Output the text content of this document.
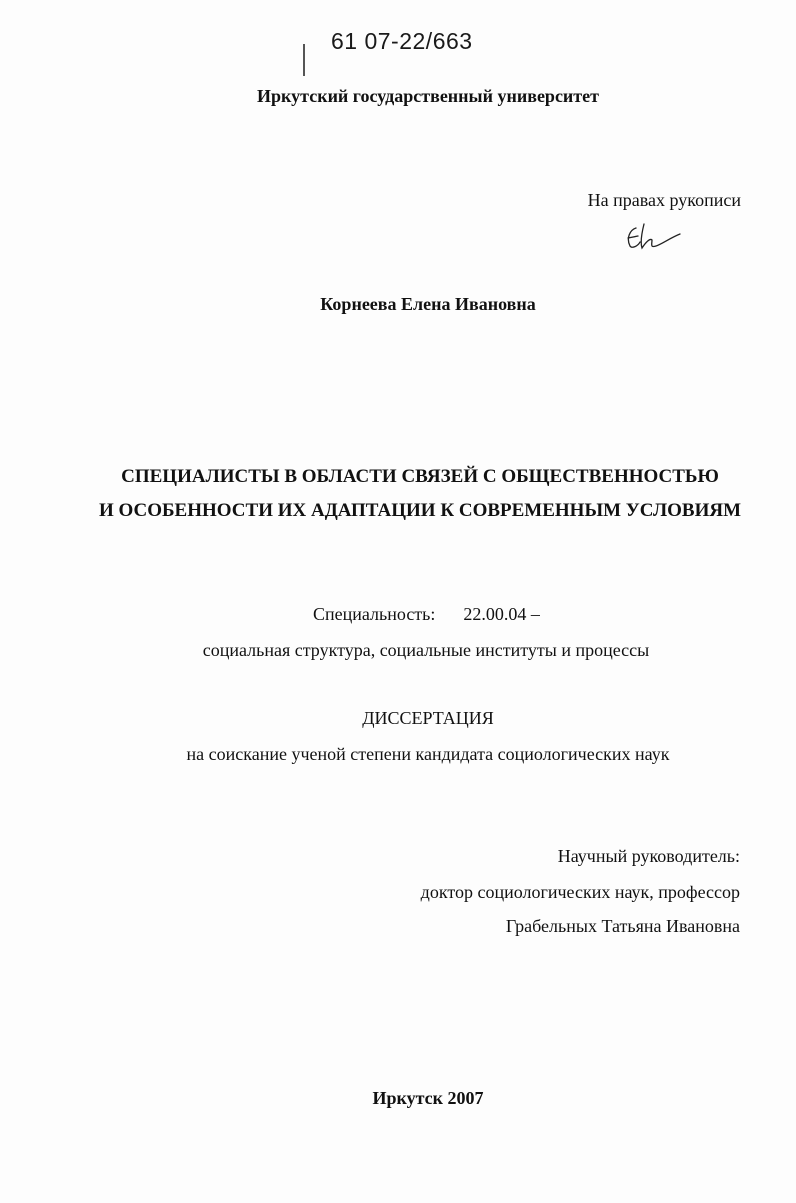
61 07-22/663
Иркутский государственный университет
На правах рукописи
Корнеева Елена Ивановна
СПЕЦИАЛИСТЫ В ОБЛАСТИ СВЯЗЕЙ С ОБЩЕСТВЕННОСТЬЮ
И ОСОБЕННОСТИ ИХ АДАПТАЦИИ К СОВРЕМЕННЫМ УСЛОВИЯМ
Специальность: 22.00.04 –
социальная структура, социальные институты и процессы
ДИССЕРТАЦИЯ
на соискание ученой степени кандидата социологических наук
Научный руководитель:
доктор социологических наук, профессор
Грабельных Татьяна Ивановна
Иркутск 2007
